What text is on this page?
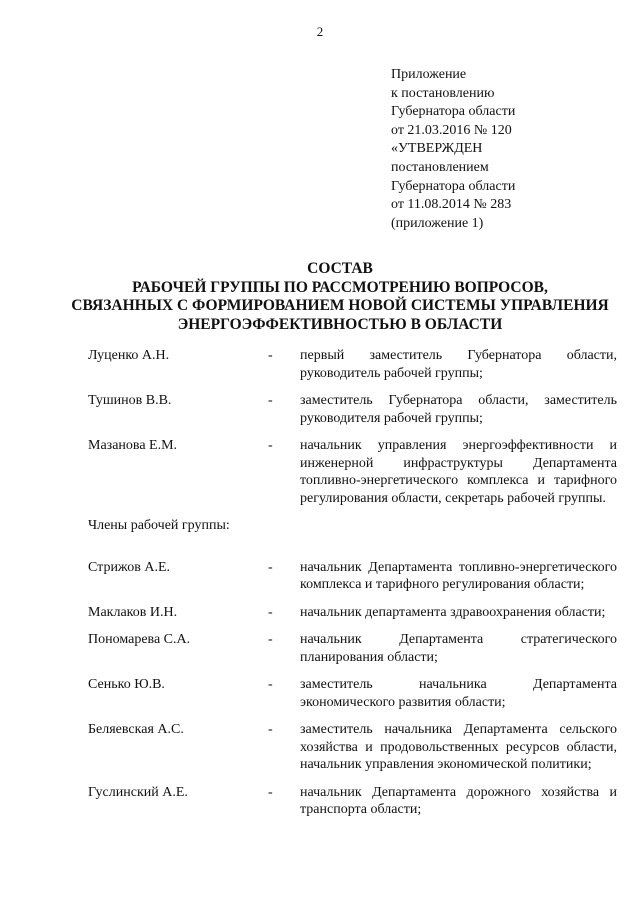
2
Приложение
к постановлению
Губернатора области
от 21.03.2016 № 120
«УТВЕРЖДЕН
постановлением
Губернатора области
от 11.08.2014 № 283
(приложение 1)
СОСТАВ
РАБОЧЕЙ ГРУППЫ ПО РАССМОТРЕНИЮ ВОПРОСОВ,
СВЯЗАННЫХ С ФОРМИРОВАНИЕМ НОВОЙ СИСТЕМЫ УПРАВЛЕНИЯ
ЭНЕРГОЭФФЕКТИВНОСТЬЮ В ОБЛАСТИ
Луценко А.Н.	-	первый заместитель Губернатора области, руководитель рабочей группы;
Тушинов В.В.	-	заместитель Губернатора области, заместитель руководителя рабочей группы;
Мазанова Е.М.	-	начальник управления энергоэффективности и инженерной инфраструктуры Департамента топливно-энергетического комплекса и тарифного регулирования области, секретарь рабочей группы.
Члены рабочей группы:
Стрижов А.Е.	-	начальник Департамента топливно-энергетического комплекса и тарифного регулирования области;
Маклаков И.Н.	-	начальник департамента здравоохранения области;
Пономарева С.А.	-	начальник Департамента стратегического планирования области;
Сенько Ю.В.	-	заместитель начальника Департамента экономического развития области;
Беляевская А.С.	-	заместитель начальника Департамента сельского хозяйства и продовольственных ресурсов области, начальник управления экономической политики;
Гуслинский А.Е.	-	начальник Департамента дорожного хозяйства и транспорта области;
